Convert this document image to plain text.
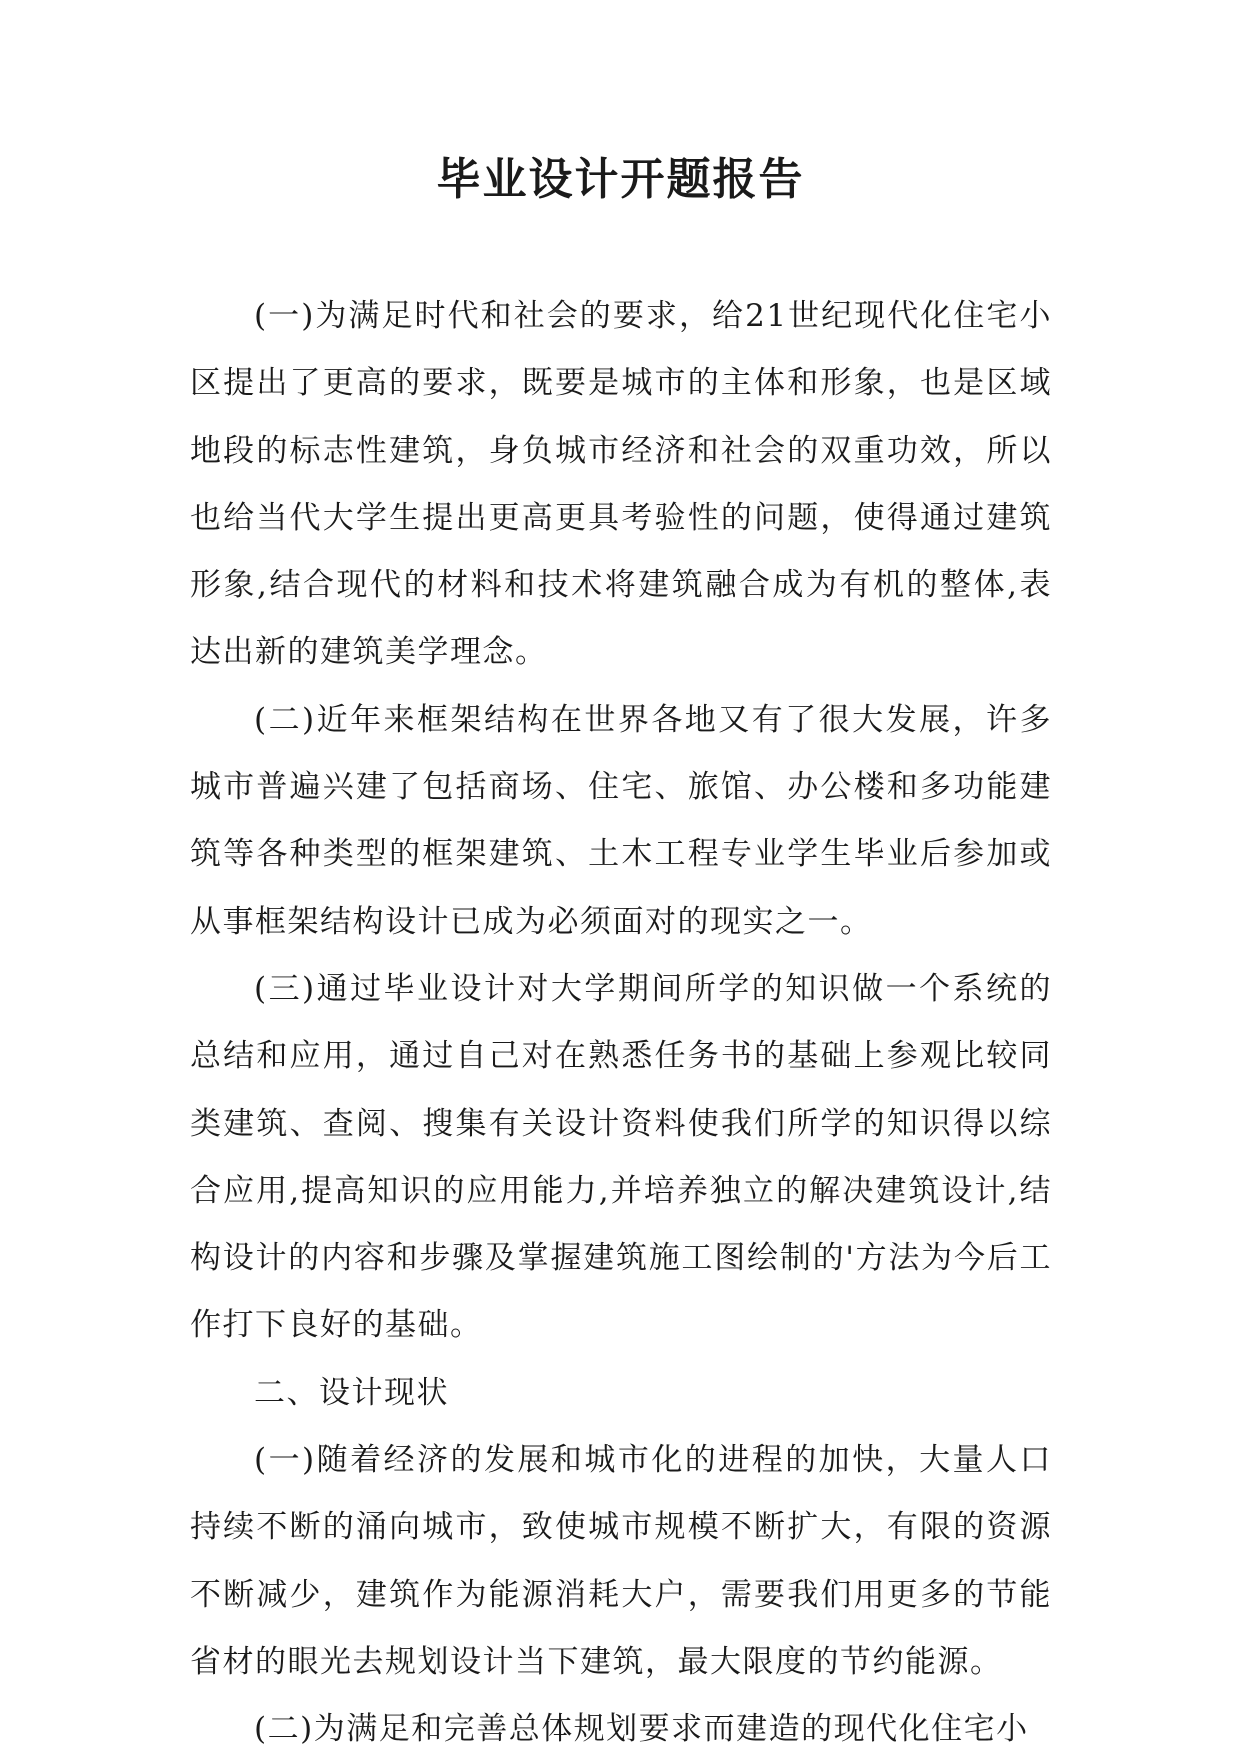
毕业设计开题报告

(一)为满足时代和社会的要求，给21世纪现代化住宅小区提出了更高的要求，既要是城市的主体和形象，也是区域地段的标志性建筑，身负城市经济和社会的双重功效，所以也给当代大学生提出更高更具考验性的问题，使得通过建筑形象,结合现代的材料和技术将建筑融合成为有机的整体,表达出新的建筑美学理念。

(二)近年来框架结构在世界各地又有了很大发展，许多城市普遍兴建了包括商场、住宅、旅馆、办公楼和多功能建筑等各种类型的框架建筑、土木工程专业学生毕业后参加或从事框架结构设计已成为必须面对的现实之一。

(三)通过毕业设计对大学期间所学的知识做一个系统的总结和应用，通过自己对在熟悉任务书的基础上参观比较同类建筑、查阅、搜集有关设计资料使我们所学的知识得以综合应用,提高知识的应用能力,并培养独立的解决建筑设计,结构设计的内容和步骤及掌握建筑施工图绘制的'方法为今后工作打下良好的基础。

二、设计现状

(一)随着经济的发展和城市化的进程的加快，大量人口持续不断的涌向城市，致使城市规模不断扩大，有限的资源不断减少，建筑作为能源消耗大户，需要我们用更多的节能省材的眼光去规划设计当下建筑，最大限度的节约能源。

(二)为满足和完善总体规划要求而建造的现代化住宅小
